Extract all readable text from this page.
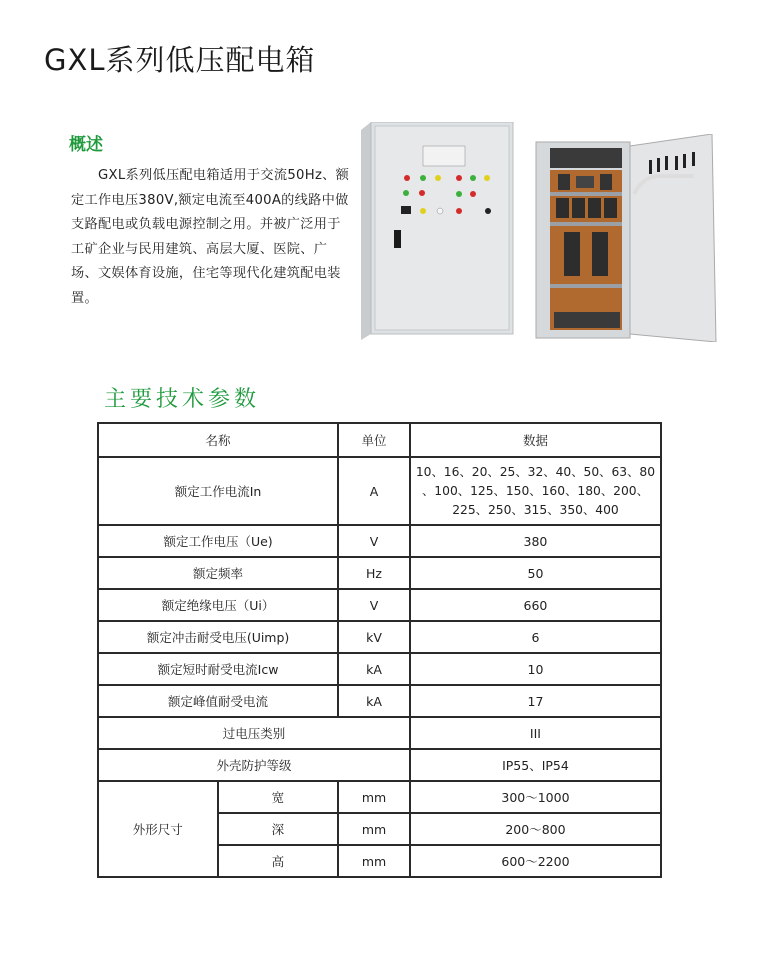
GXL系列低压配电箱
概述
GXL系列低压配电箱适用于交流50Hz、额定工作电压380V,额定电流至400A的线路中做支路配电或负载电源控制之用。并被广泛用于工矿企业与民用建筑、高层大厦、医院、广场、文娱体育设施，住宅等现代化建筑配电装置。
主要技术参数
名称		单位	数据
额定工作电流In		A	10、16、20、25、32、40、50、63、80
、100、125、150、160、180、200、
225、250、315、350、400

额定工作电压（Ue)		V	380
额定频率		Hz	50
额定绝缘电压（Ui）		V	660
额定冲击耐受电压(Uimp)		kV	6
额定短时耐受电流Icw		kA	10
额定峰值耐受电流		kA	17
过电压类别			III
外壳防护等级			IP55、IP54
外形尺寸	宽	mm	300～1000
	深	mm	200～800
	高	mm	600～2200
